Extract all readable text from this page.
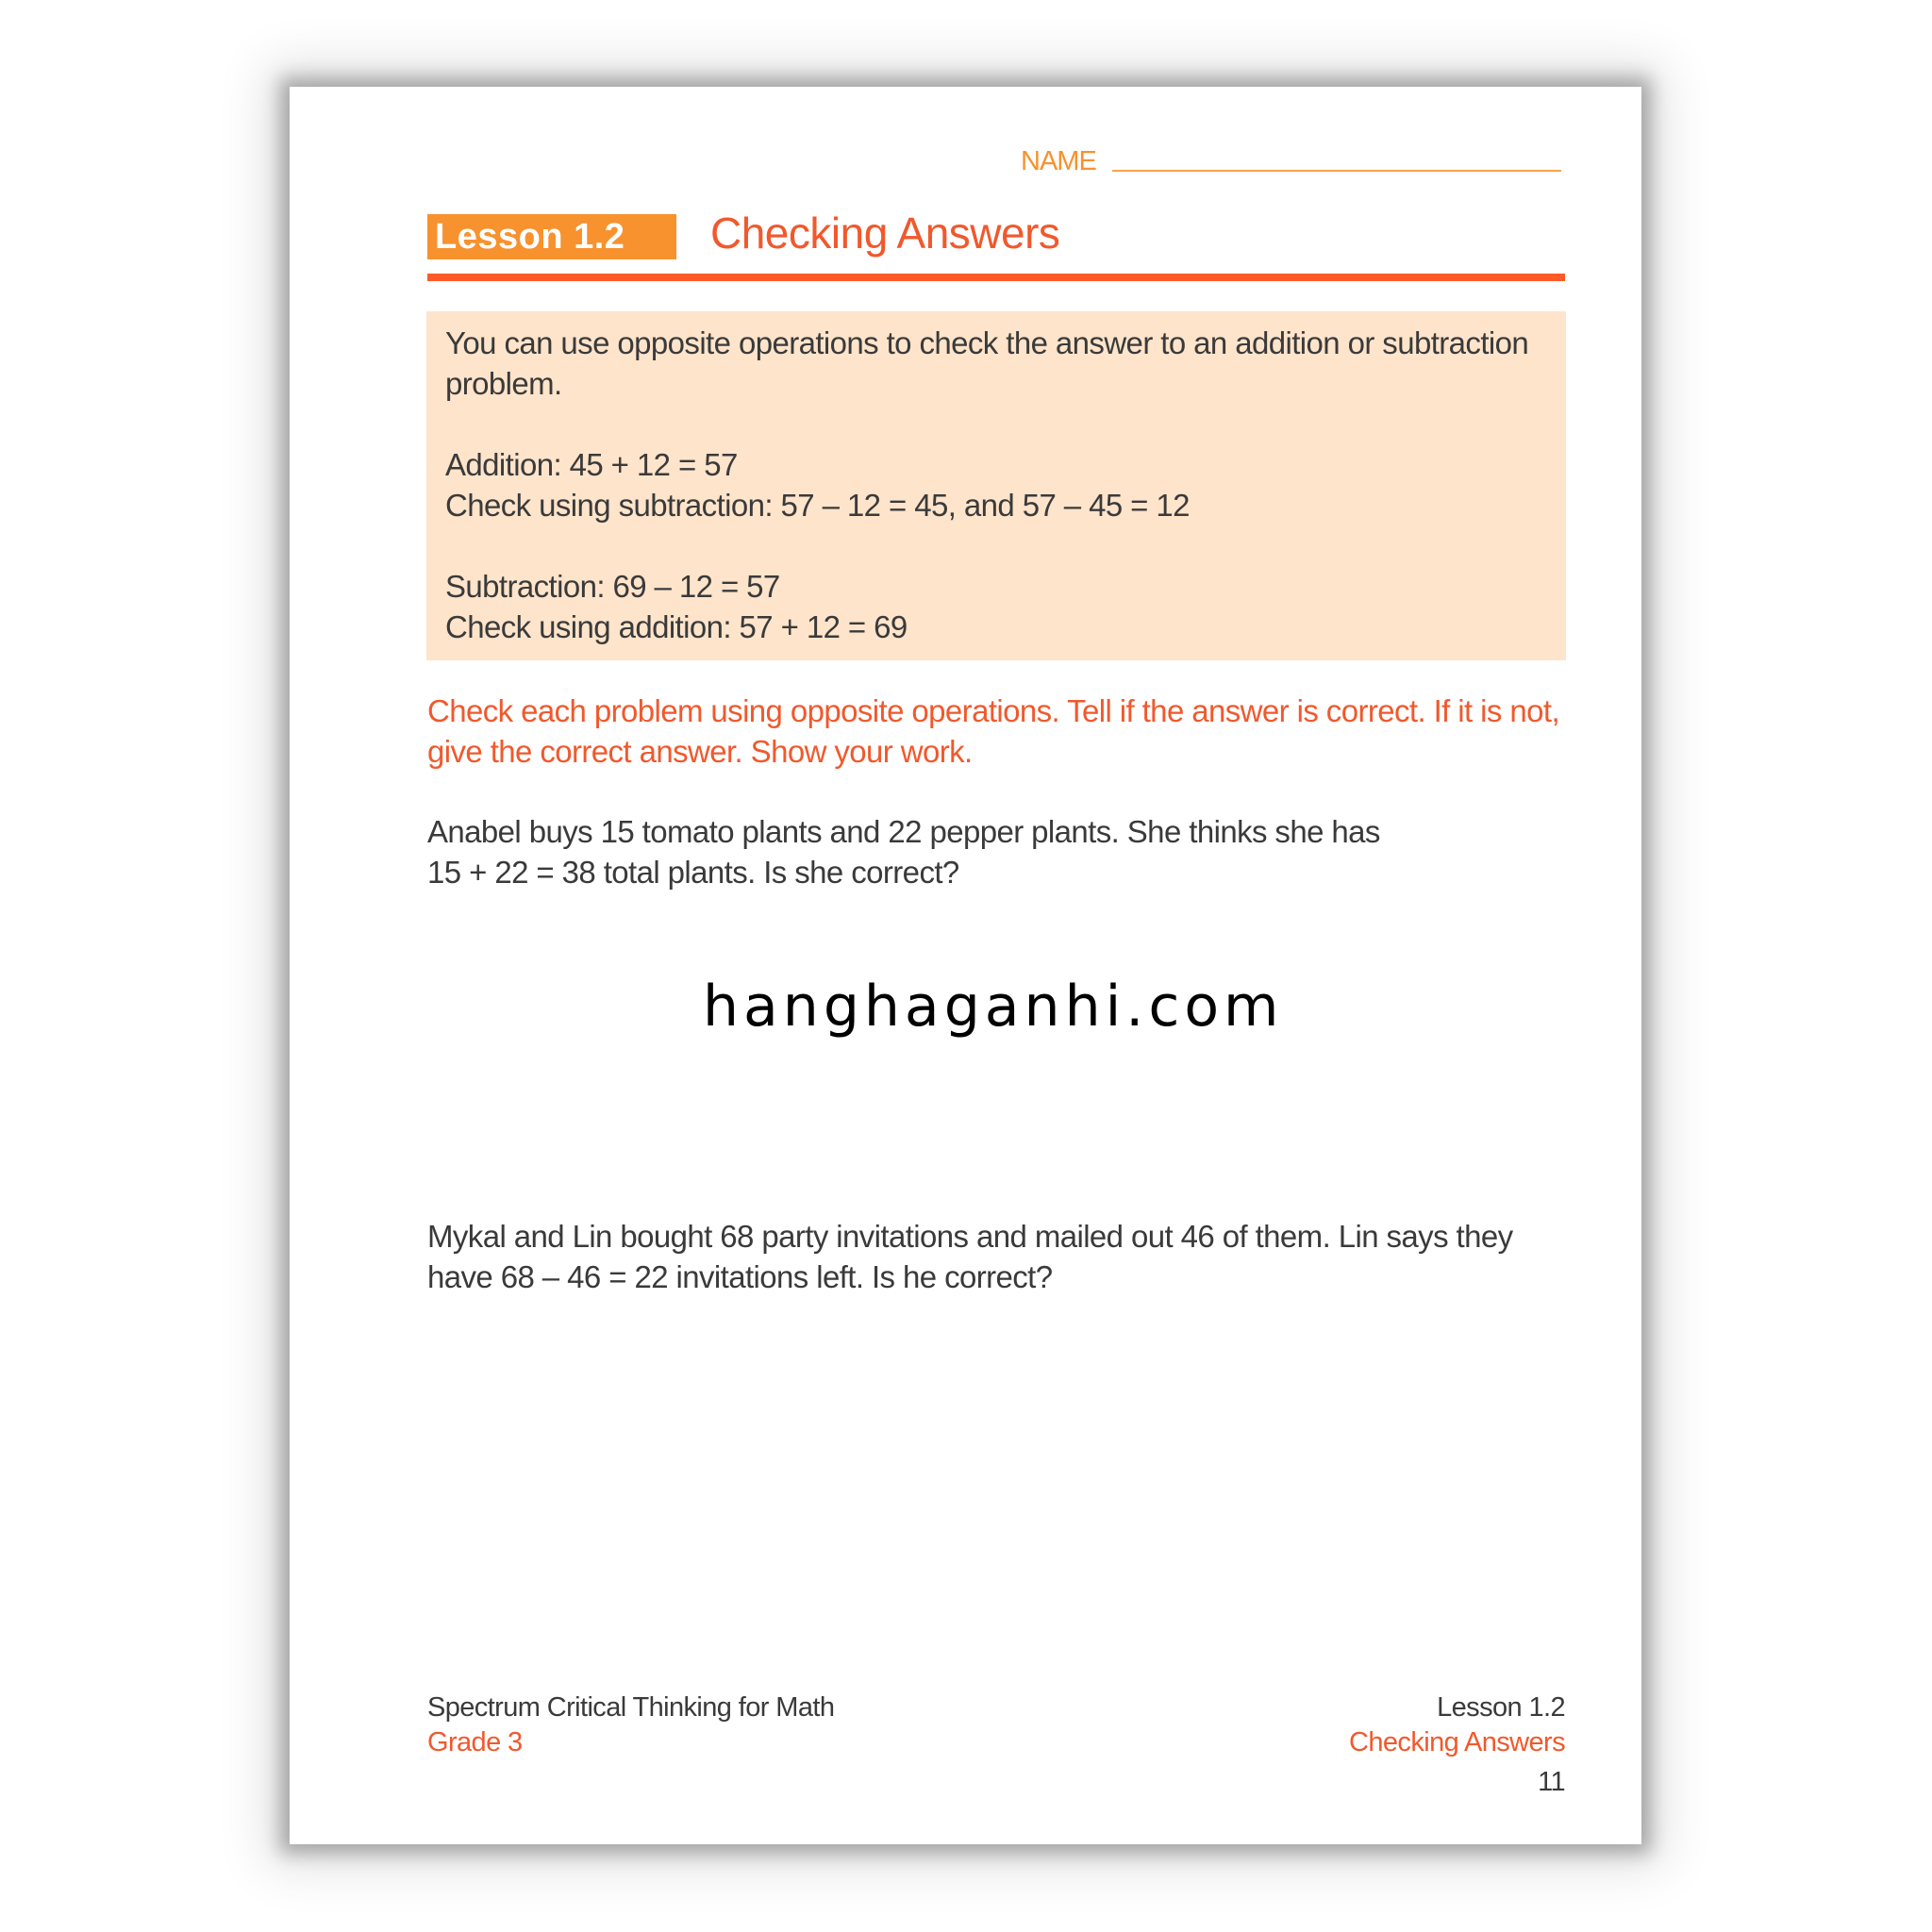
NAME
Lesson 1.2	Checking Answers

You can use opposite operations to check the answer to an addition or subtraction problem.

Addition: 45 + 12 = 57

Check using subtraction: 57 – 12 = 45, and 57 – 45 = 12

Subtraction: 69 – 12 = 57

Check using addition: 57 + 12 = 69

Check each problem using opposite operations. Tell if the answer is correct. If it is not, give the correct answer. Show your work.
Anabel buys 15 tomato plants and 22 pepper plants. She thinks she has
15 + 22 = 38 total plants. Is she correct?
hanghaganhi.com
Mykal and Lin bought 68 party invitations and mailed out 46 of them. Lin says they
have 68 – 46 = 22 invitations left. Is he correct?
Spectrum Critical Thinking for Math
Grade 3
Lesson 1.2
Checking Answers
11
